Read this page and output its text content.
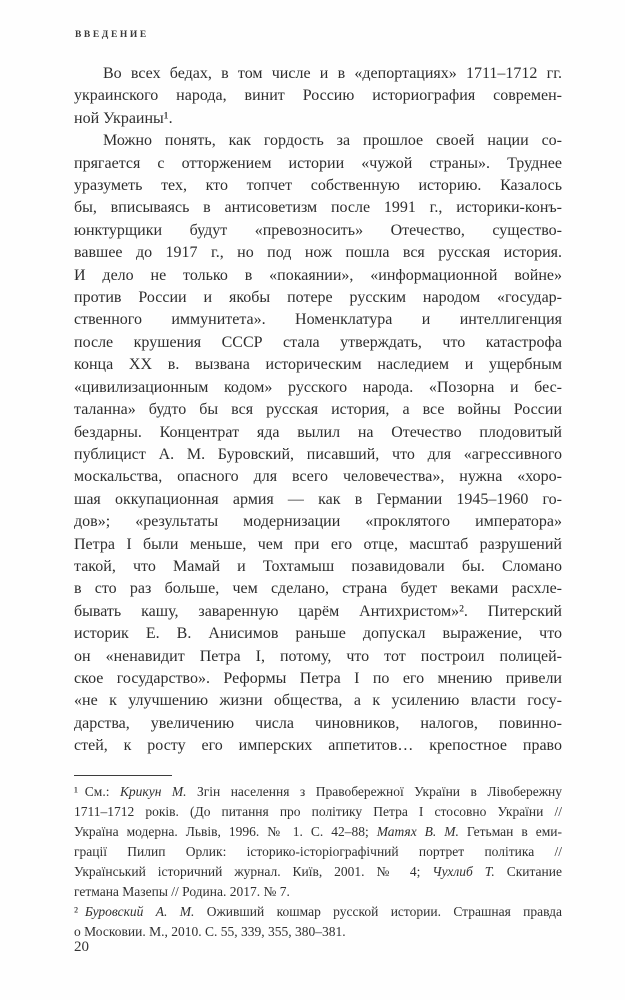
ВВЕДЕНИЕ
Во всех бедах, в том числе и в «депортациях» 1711–1712 гг.
украинского народа, винит Россию историография современ-
ной Украины¹.
Можно понять, как гордость за прошлое своей нации со-
прягается с отторжением истории «чужой страны». Труднее
уразуметь тех, кто топчет собственную историю. Казалось
бы, вписываясь в антисоветизм после 1991 г., историки-конъ-
юнктурщики будут «превозносить» Отечество, существо-
вавшее до 1917 г., но под нож пошла вся русская история.
И дело не только в «покаянии», «информационной войне»
против России и якобы потере русским народом «государ-
ственного иммунитета». Номенклатура и интеллигенция
после крушения СССР стала утверждать, что катастрофа
конца XX в. вызвана историческим наследием и ущербным
«цивилизационным кодом» русского народа. «Позорна и бес-
таланна» будто бы вся русская история, а все войны России
бездарны. Концентрат яда вылил на Отечество плодовитый
публицист А. М. Буровский, писавший, что для «агрессивного
москальства, опасного для всего человечества», нужна «хоро-
шая оккупационная армия — как в Германии 1945–1960 го-
дов»; «результаты модернизации «проклятого императора»
Петра I были меньше, чем при его отце, масштаб разрушений
такой, что Мамай и Тохтамыш позавидовали бы. Сломано
в сто раз больше, чем сделано, страна будет веками расхле-
бывать кашу, заваренную царём Антихристом»². Питерский
историк Е. В. Анисимов раньше допускал выражение, что
он «ненавидит Петра I, потому, что тот построил полицей-
ское государство». Реформы Петра I по его мнению привели
«не к улучшению жизни общества, а к усилению власти госу-
дарства, увеличению числа чиновников, налогов, повинно-
стей, к росту его имперских аппетитов… крепостное право
¹ См.: Крикун М. Згін населення з Правобережної України в Лівобережну
1711–1712 років. (До питання про політику Петра I стосовно України //
Україна модерна. Львів, 1996. № 1. С. 42–88; Матях В. М. Гетьман в еми-
грації Пилип Орлик: історико-історіографічний портрет політика //
Український історичний журнал. Київ, 2001. № 4; Чухлиб Т. Скитание
гетмана Мазепы // Родина. 2017. № 7.
² Буровский А. М. Оживший кошмар русской истории. Страшная правда
о Московии. М., 2010. С. 55, 339, 355, 380–381.
20
